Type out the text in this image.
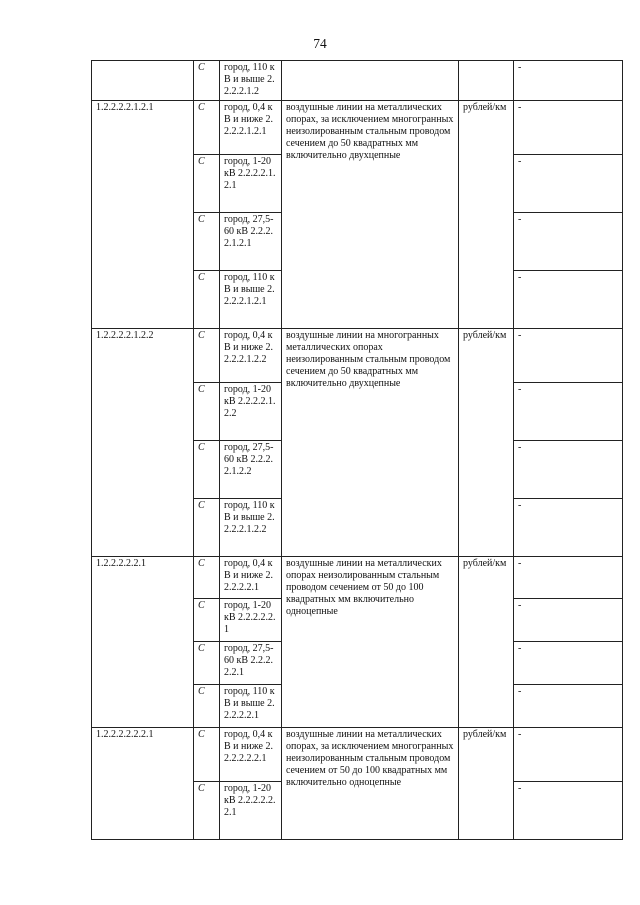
74
	С	город, 110 кВ и выше 2.2.2.2.1.2			-
1.2.2.2.2.1.2.1	С	город, 0,4 кВ и ниже 2.2.2.2.1.2.1	воздушные линии на металлических опорах, за исключением многогранных неизолированным стальным проводом сечением до 50 квадратных мм включительно двухцепные	рублей/км	-
	С	город, 1-20 кВ 2.2.2.2.1.2.1			-
	С	город, 27,5-60 кВ 2.2.2.2.1.2.1			-
	С	город, 110 кВ и выше 2.2.2.2.1.2.1			-
1.2.2.2.2.1.2.2	С	город, 0,4 кВ и ниже 2.2.2.2.1.2.2	воздушные линии на многогранных металлических опорах неизолированным стальным проводом сечением до 50 квадратных мм включительно двухцепные	рублей/км	-
	С	город, 1-20 кВ 2.2.2.2.1.2.2			-
	С	город, 27,5-60 кВ 2.2.2.2.1.2.2			-
	С	город, 110 кВ и выше 2.2.2.2.1.2.2			-
1.2.2.2.2.2.1	С	город, 0,4 кВ и ниже 2.2.2.2.2.1	воздушные линии на металлических опорах неизолированным стальным проводом сечением от 50 до 100 квадратных мм включительно одноцепные	рублей/км	-
	С	город, 1-20 кВ 2.2.2.2.2.1			-
	С	город, 27,5-60 кВ 2.2.2.2.2.1			-
	С	город, 110 кВ и выше 2.2.2.2.2.1			-
1.2.2.2.2.2.2.1	С	город, 0,4 кВ и ниже 2.2.2.2.2.2.1	воздушные линии на металлических опорах, за исключением многогранных неизолированным стальным проводом сечением от 50 до 100 квадратных мм включительно одноцепные	рублей/км	-
	С	город, 1-20 кВ 2.2.2.2.2.2.1			-
